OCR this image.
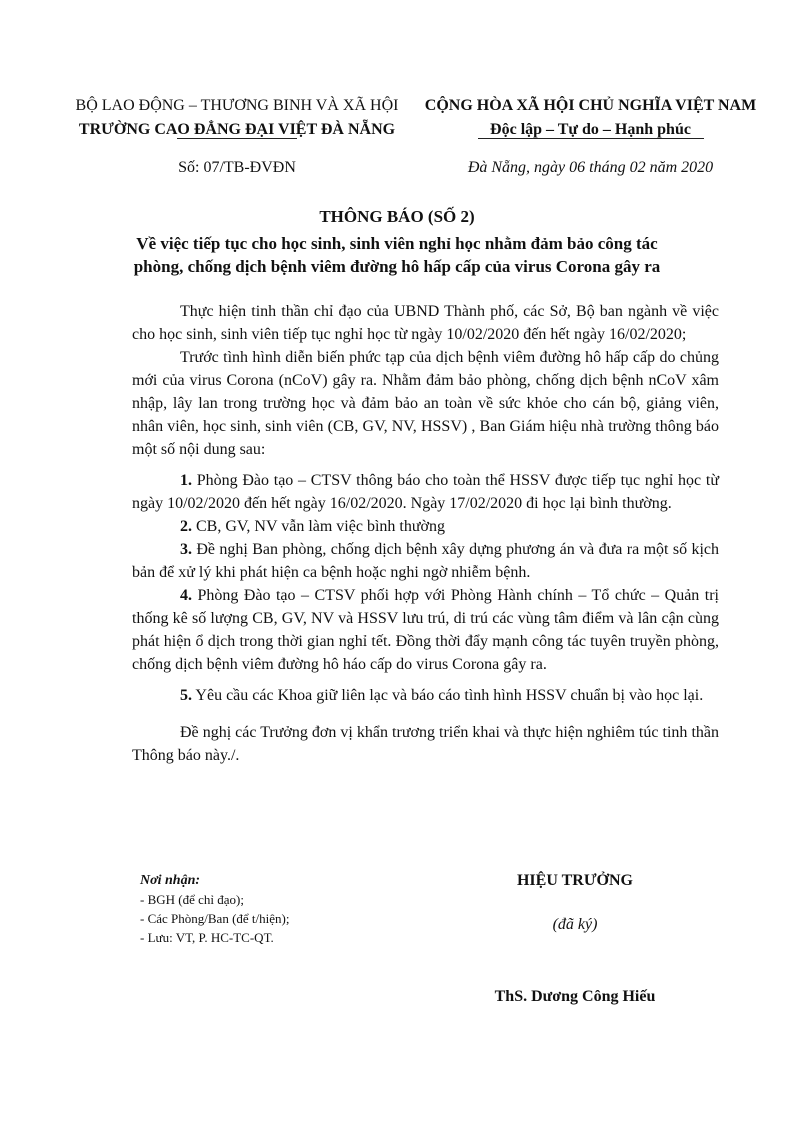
BỘ LAO ĐỘNG – THƯƠNG BINH VÀ XÃ HỘI
TRƯỜNG CAO ĐẲNG ĐẠI VIỆT ĐÀ NẴNG
CỘNG HÒA XÃ HỘI CHỦ NGHĨA VIỆT NAM
Độc lập – Tự do – Hạnh phúc
Số: 07/TB-ĐVĐN	Đà Nẵng, ngày 06 tháng 02 năm 2020
THÔNG BÁO (SỐ 2)
Về việc tiếp tục cho học sinh, sinh viên nghỉ học nhằm đảm bảo công tác
phòng, chống dịch bệnh viêm đường hô hấp cấp của virus Corona gây ra

Thực hiện tinh thần chỉ đạo của UBND Thành phố, các Sở, Bộ ban ngành về việc cho học sinh, sinh viên tiếp tục nghỉ học từ ngày 10/02/2020 đến hết ngày 16/02/2020;

Trước tình hình diễn biến phức tạp của dịch bệnh viêm đường hô hấp cấp do chủng mới của virus Corona (nCoV) gây ra. Nhằm đảm bảo phòng, chống dịch bệnh nCoV xâm nhập, lây lan trong trường học và đảm bảo an toàn về sức khỏe cho cán bộ, giảng viên, nhân viên, học sinh, sinh viên (CB, GV, NV, HSSV) , Ban Giám hiệu nhà trường thông báo một số nội dung sau:

1. Phòng Đào tạo – CTSV thông báo cho toàn thể HSSV được tiếp tục nghỉ học từ ngày 10/02/2020 đến hết ngày 16/02/2020. Ngày 17/02/2020 đi học lại bình thường.

2. CB, GV, NV vẫn làm việc bình thường

3. Đề nghị Ban phòng, chống dịch bệnh xây dựng phương án và đưa ra một số kịch bản để xử lý khi phát hiện ca bệnh hoặc nghi ngờ nhiễm bệnh.

4. Phòng Đào tạo – CTSV phối hợp với Phòng Hành chính – Tổ chức – Quản trị thống kê số lượng CB, GV, NV và HSSV lưu trú, di trú các vùng tâm điểm và lân cận cùng phát hiện ổ dịch trong thời gian nghỉ tết. Đồng thời đẩy mạnh công tác tuyên truyền phòng, chống dịch bệnh viêm đường hô háo cấp do virus Corona gây ra.

5. Yêu cầu các Khoa giữ liên lạc và báo cáo tình hình HSSV chuẩn bị vào học lại.

Đề nghị các Trưởng đơn vị khẩn trương triển khai và thực hiện nghiêm túc tinh thần Thông báo này./.

Nơi nhận:
- BGH (để chỉ đạo);
- Các Phòng/Ban (để t/hiện);
- Lưu: VT, P. HC-TC-QT.
HIỆU TRƯỞNG
(đã ký)
ThS. Dương Công Hiếu
